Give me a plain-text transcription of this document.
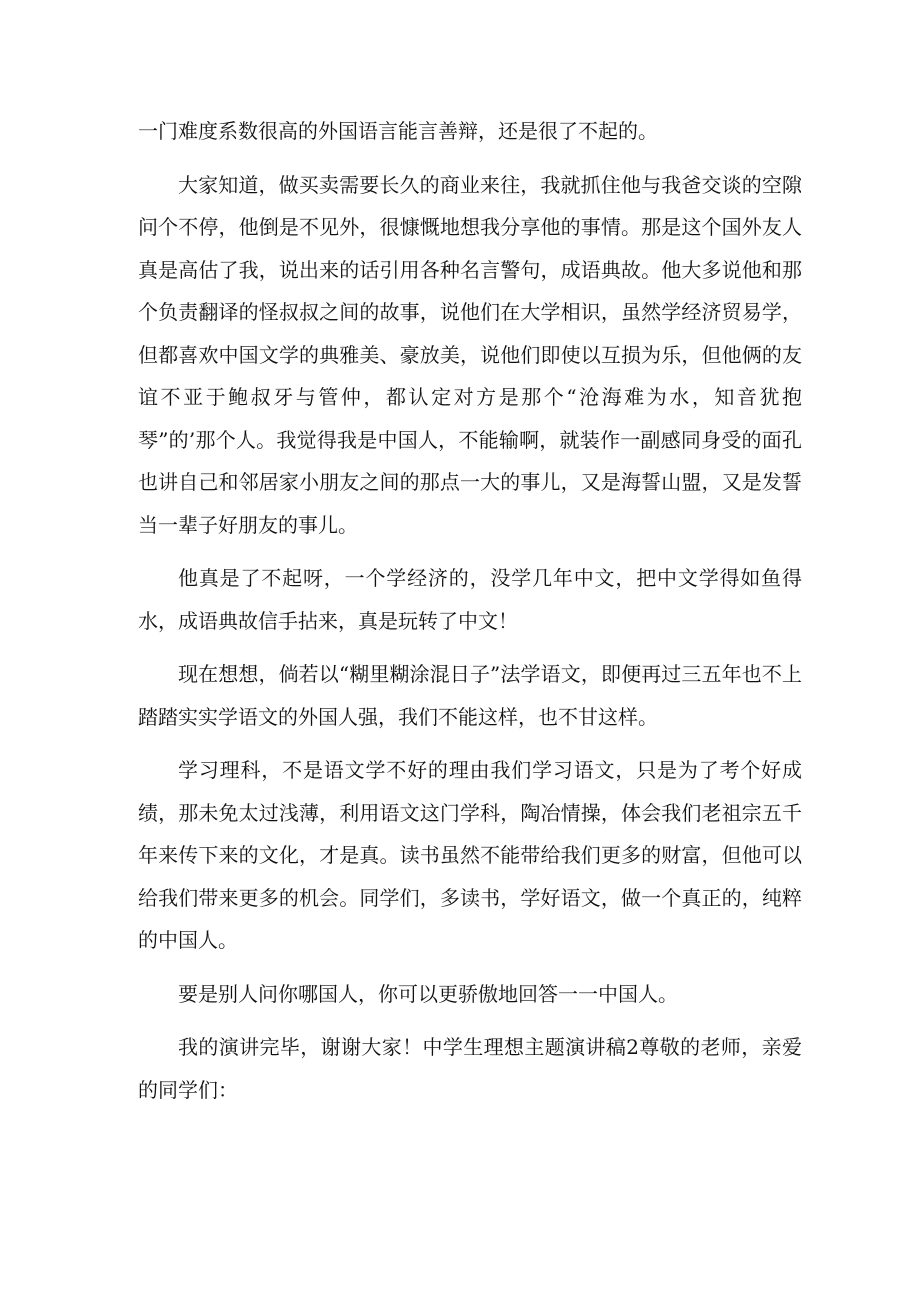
一门难度系数很高的外国语言能言善辩，还是很了不起的。

大家知道，做买卖需要长久的商业来往，我就抓住他与我爸交谈的空隙问个不停，他倒是不见外，很慷慨地想我分享他的事情。那是这个国外友人真是高估了我，说出来的话引用各种名言警句，成语典故。他大多说他和那个负责翻译的怪叔叔之间的故事，说他们在大学相识，虽然学经济贸易学，但都喜欢中国文学的典雅美、豪放美，说他们即使以互损为乐，但他俩的友谊不亚于鲍叔牙与管仲，都认定对方是那个“沧海难为水，知音犹抱琴”的’那个人。我觉得我是中国人，不能输啊，就装作一副感同身受的面孔也讲自己和邻居家小朋友之间的那点一大的事儿，又是海誓山盟，又是发誓当一辈子好朋友的事儿。

他真是了不起呀，一个学经济的，没学几年中文，把中文学得如鱼得水，成语典故信手拈来，真是玩转了中文！

现在想想，倘若以“糊里糊涂混日子”法学语文，即便再过三五年也不上踏踏实实学语文的外国人强，我们不能这样，也不甘这样。

学习理科，不是语文学不好的理由我们学习语文，只是为了考个好成绩，那未免太过浅薄，利用语文这门学科，陶冶情操，体会我们老祖宗五千年来传下来的文化，才是真。读书虽然不能带给我们更多的财富，但他可以给我们带来更多的机会。同学们，多读书，学好语文，做一个真正的，纯粹的中国人。

要是别人问你哪国人，你可以更骄傲地回答一一中国人。

我的演讲完毕，谢谢大家！中学生理想主题演讲稿2尊敬的老师，亲爱的同学们：
